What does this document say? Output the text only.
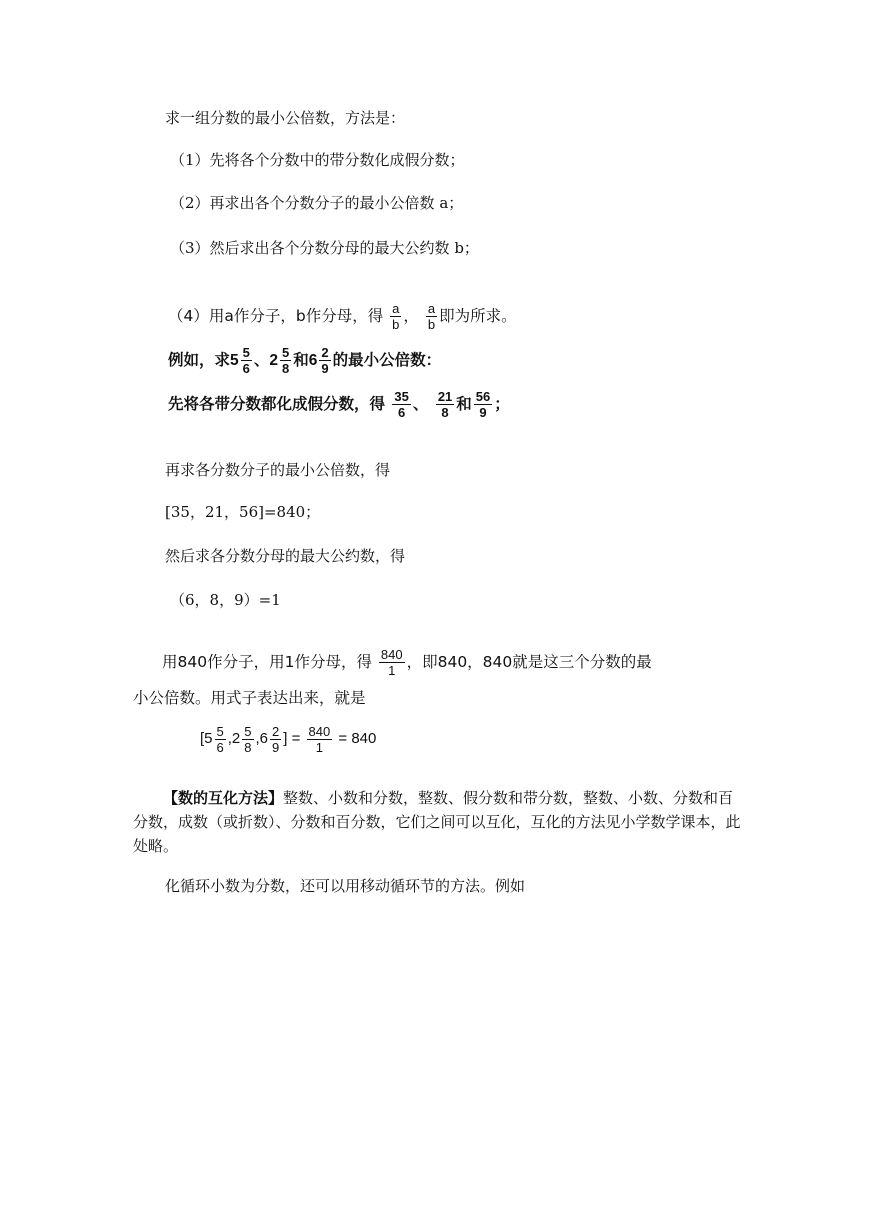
求一组分数的最小公倍数，方法是：
（1）先将各个分数中的带分数化成假分数；
（2）再求出各个分数分子的最小公倍数 a；
（3）然后求出各个分数分母的最大公约数 b；
（4）用a作分子，b作分母，得 $\frac{a}{b}$ ， $\frac{a}{b}$ 即为所求。
例如，求$5 \frac{5}{6}$ 、$2 \frac{5}{8}$ 和$6 \frac{2}{9}$ 的最小公倍数：
先将各带分数都化成假分数，得 $\frac{35}{6}$ 、 $\frac{21}{8}$ 和 $\frac{56}{9}$ ；
再求各分数分子的最小公倍数，得
[35，21，56]=840；
然后求各分数分母的最大公约数，得
（6，8，9）=1
用840作分子，用1作分母，得 $\frac{840}{1}$ ，即840，840就是这三个分数的最
小公倍数。用式子表达出来，就是
[$5 \frac{5}{6} ,2 \frac{5}{8} ,6 \frac{2}{9}$ ] = $\frac{840}{1} = 840$
【数的互化方法】整数、小数和分数，整数、假分数和带分数，整数、小数、分数和百分数，成数（或折数）、分数和百分数，它们之间可以互化，互化的方法见小学数学课本，此处略。
化循环小数为分数，还可以用移动循环节的方法。例如
